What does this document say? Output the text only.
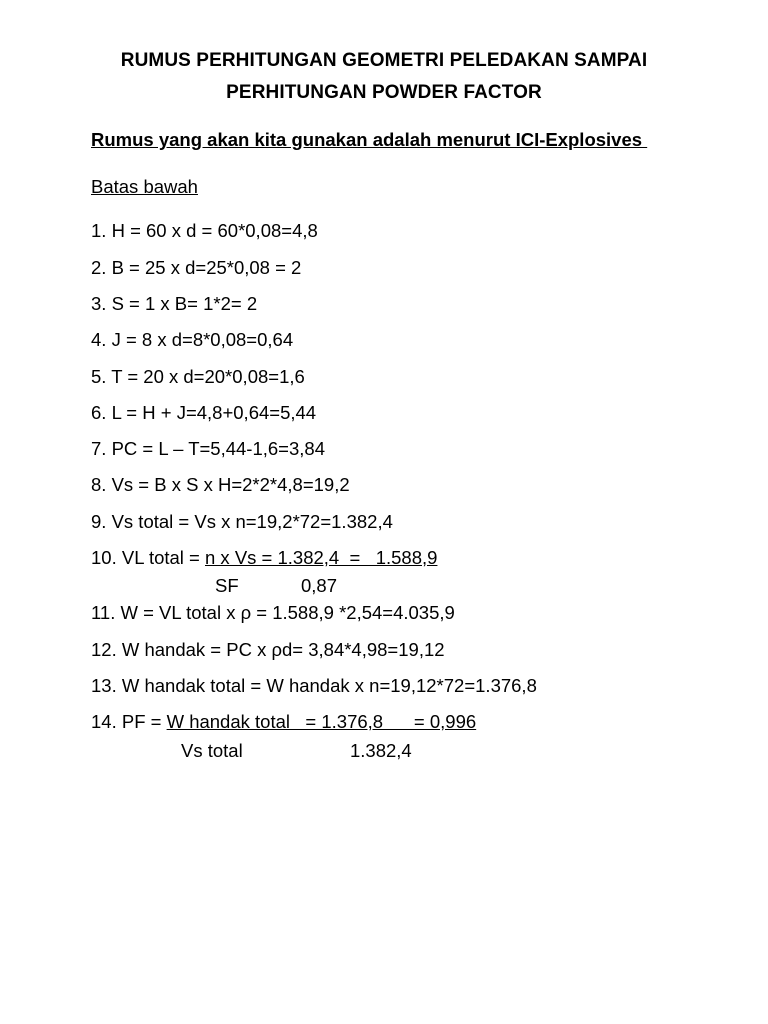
RUMUS PERHITUNGAN GEOMETRI PELEDAKAN SAMPAI
PERHITUNGAN POWDER FACTOR
Rumus yang akan kita gunakan adalah menurut ICI-Explosives
Batas bawah
1. H = 60 x d = 60*0,08=4,8
2. B = 25 x d=25*0,08 = 2
3. S = 1 x B= 1*2= 2
4. J = 8 x d=8*0,08=0,64
5. T = 20 x d=20*0,08=1,6
6. L = H + J=4,8+0,64=5,44
7. PC = L – T=5,44-1,6=3,84
8. Vs = B x S x H=2*2*4,8=19,2
9. Vs total = Vs x n=19,2*72=1.382,4
10. VL total = n x Vs = 1.382,4  =   1.588,9
SF	0,87
11. W = VL total x ρ = 1.588,9 *2,54=4.035,9
12. W handak = PC x ρd= 3,84*4,98=19,12
13. W handak total = W handak x n=19,12*72=1.376,8
14. PF = W handak total   = 1.376,8      = 0,996
Vs total	1.382,4
